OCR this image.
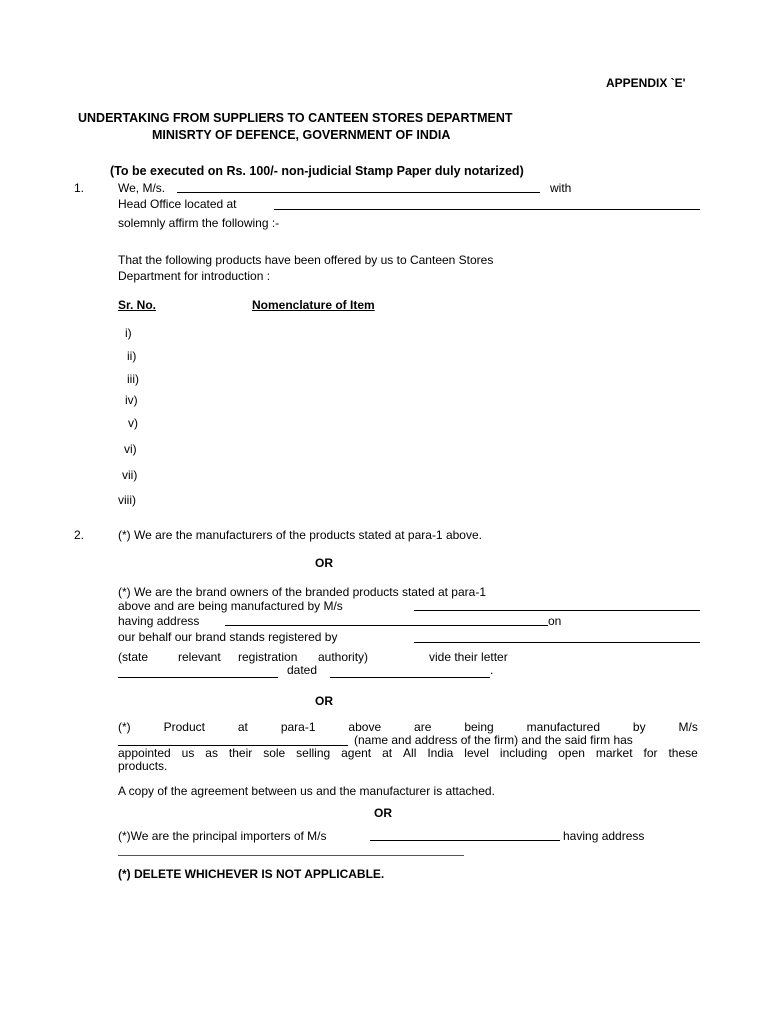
APPENDIX `E'
UNDERTAKING FROM SUPPLIERS TO CANTEEN STORES DEPARTMENT
MINISRTY OF DEFENCE, GOVERNMENT OF INDIA
(To be executed on Rs. 100/- non-judicial Stamp Paper duly notarized)
1.	We, M/s.	with
Head Office located at
solemnly affirm the following :-
That the following products have been offered by us to Canteen Stores
Department for introduction :
Sr. No.	Nomenclature of Item
i)
ii)
iii)
iv)
v)
vi)
vii)
viii)
2.	(*) We are the manufacturers of the products stated at para-1 above.
OR
(*) We are the brand owners of the branded products stated at para-1
above and are being manufactured by M/s
having address	on
our behalf our brand stands registered by
(state relevant registration authority)	vide their letter
dated	.
OR
(*)	Product	at	para-1	above	are	being	manufactured	by	M/s
(name and address of the firm) and the said firm has
appointed us as their sole selling agent at All India level including open market for these
products.
A copy of the agreement between us and the manufacturer is attached.
OR
(*)We are the principal importers of M/s	having address
(*) DELETE WHICHEVER IS NOT APPLICABLE.
